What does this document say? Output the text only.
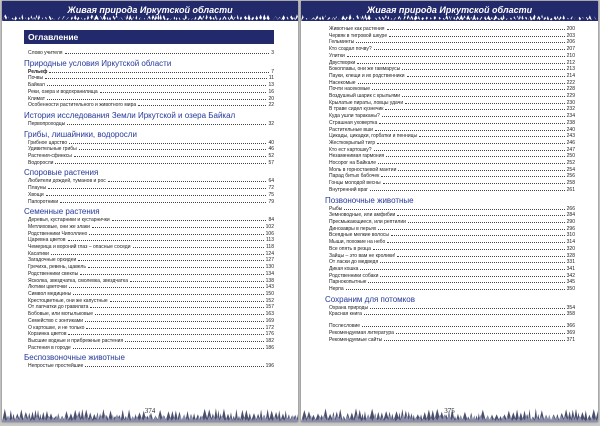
Живая природа Иркутской области
Оглавление
Слово учителя	3
Природные условия Иркутской области
Рельеф	7
Почвы	11
Байкал	13
Реки, озера и водохранилища	16
Климат	20
Особенности растительного и животного мира	22
История исследования Земли Иркутской и озера Байкал
Первопроходцы	32
Грибы, лишайники, водоросли
Грибное царство	40
Удивительные грибы	46
Растения-сфинксы	52
Водоросли	57
Споровые растения
Любители дождей, туманов и рос	64
Плауны	72
Хвощи	75
Папоротники	79
Семенные растения
Деревья, кустарники и кустарнички	84
Метлиховые, они же злаки	102
Родственники Чиполлино	106
Царевна цветов	113
Чемерица и вороний глаз – опасные соседи	118
Касатики	124
Загадочные орхидеи	127
Гречиха, ревень, щавель	130
Родственники свеклы	134
Ясколка, звездчатка, смолевка, звездчатка	138
Лютики цветочки	143
Символ медицины	150
Крестоцветные, они же капустные	152
От лапчатки до гравилата	157
Бобовые, или мотыльковые	163
Семейство с зонтиками	169
О картошке, и не только	172
Корзинка цветов	176
Высшие водные и прибрежные растения	182
Растения в городе	186
Беспозвоночные животные
Непростые простейшие	196
374
Живая природа Иркутской области
Животные как растения	200
Червяк в тигровой шкуре	203
Гельминты	206
Кто создал почву?	207
Улитки	210
Двустворки	212
Бокоплавы, они же гаммарусы	213
Пауки, клещи и их родственники	214
Насекомые	222
Почти насекомые	228
Воздушный шарик с крыльями	229
Крылатые пираты, ловцы удачи	230
В траве сидел кузнечик	232
Куда ушли тараканы?	234
Страшная уховертка	238
Растительные вши	240
Цикады, цикадки, горбатки и пенницы	243
Жесткокрылый тигр	246
Кто ест картошку?	247
Незаменимая гармония	250
Носорог на Байкале	252
Моль в горностаевой мантии	254
Парад битых бабочек	256
Гонцы молодой весны	258
Внутренний враг	261
Позвоночные животные
Рыбы	266
Земноводные, или амфибии	284
Пресмыкающиеся, или рептилии	290
Динозавры в перьях	296
Всеядные мелкие волосы	310
Мыши, похожие на небо	314
Все опять в резца	320
Зайцы – это вам не кролики!	328
От ласки до медведя	331
Дикая кошка	341
Родственники собаки	342
Парнокопытные	345
Нерпа	350
Сохраним для потомков
Охрана природы	354
Красная книга	358
Послесловие	366
Рекомендуемая литература	369
Рекомендуемые сайты	371
375
